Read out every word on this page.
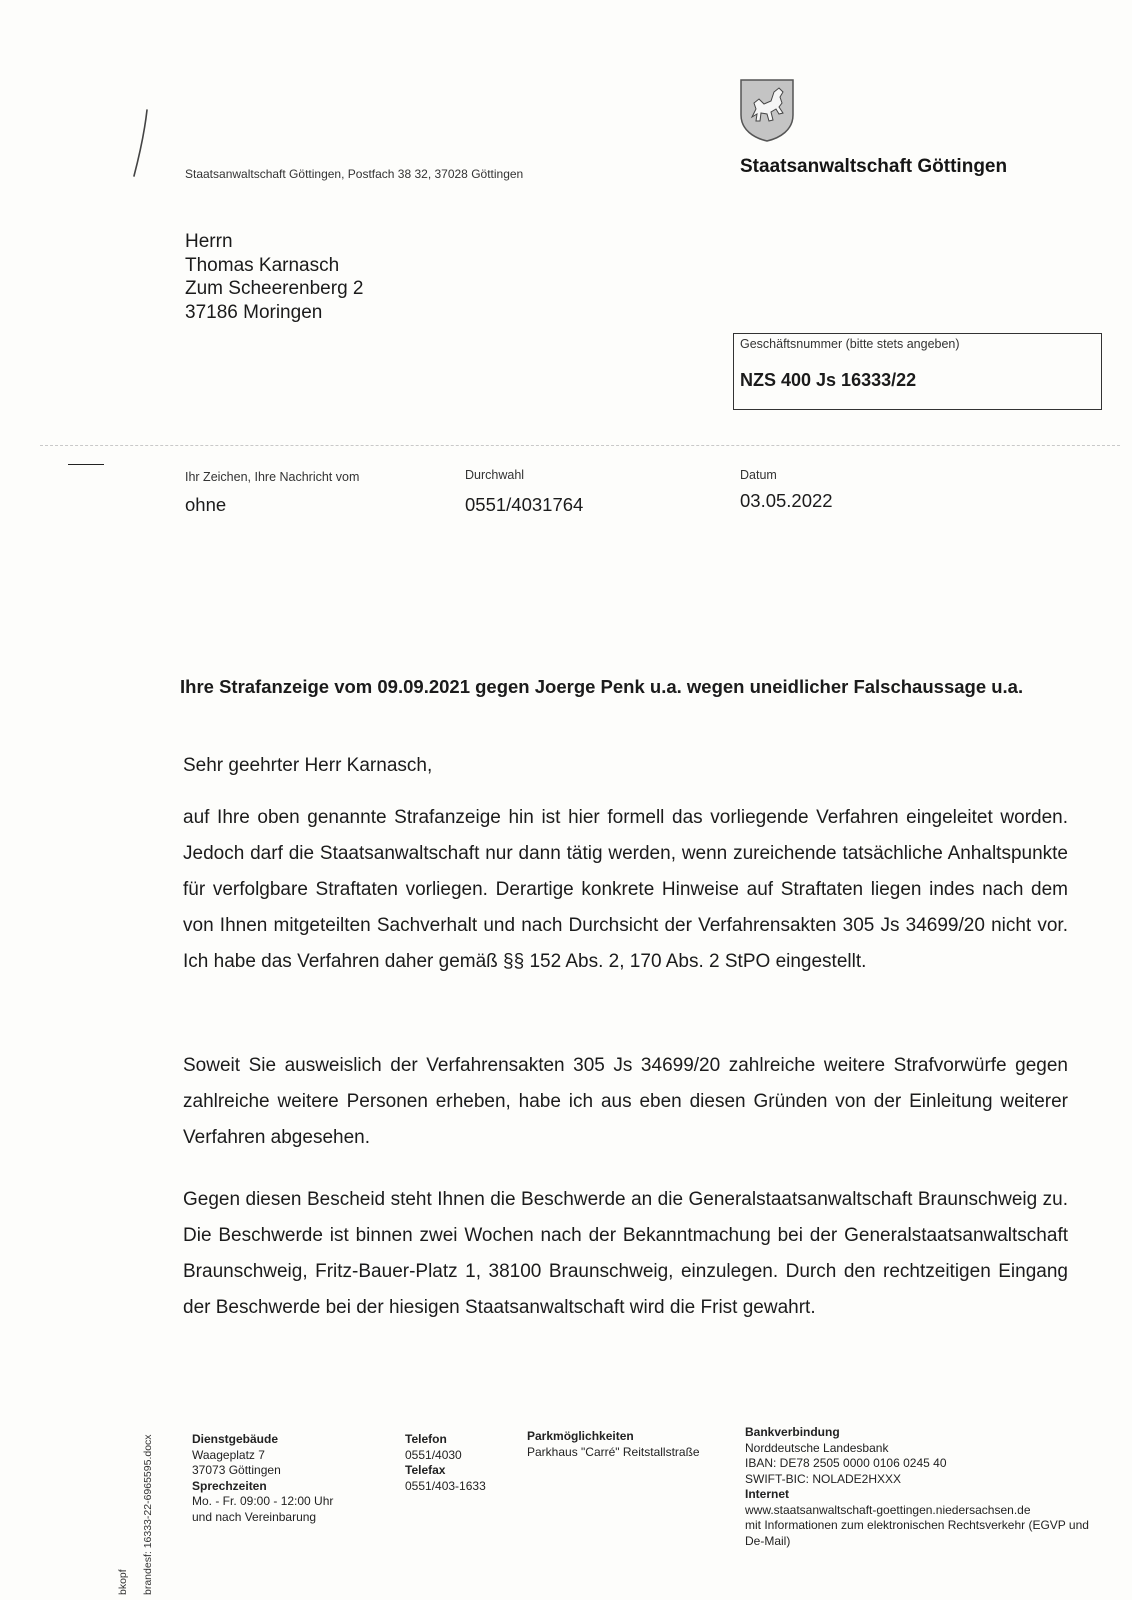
Staatsanwaltschaft Göttingen, Postfach 38 32, 37028 Göttingen	Staatsanwaltschaft Göttingen
Herrn
Thomas Karnasch
Zum Scheerenberg 2
37186 Moringen
Geschäftsnummer (bitte stets angeben)
NZS 400 Js 16333/22
Ihr Zeichen, Ihre Nachricht vom
ohne
Durchwahl
0551/4031764
Datum
03.05.2022
Ihre Strafanzeige vom 09.09.2021 gegen Joerge Penk u.a. wegen uneidlicher Falschaussage u.a.
Sehr geehrter Herr Karnasch,
auf Ihre oben genannte Strafanzeige hin ist hier formell das vorliegende Verfahren eingeleitet worden. Jedoch darf die Staatsanwaltschaft nur dann tätig werden, wenn zureichende tatsächliche Anhaltspunkte für verfolgbare Straftaten vorliegen. Derartige konkrete Hinweise auf Straftaten liegen indes nach dem von Ihnen mitgeteilten Sachverhalt und nach Durchsicht der Verfahrensakten 305 Js 34699/20 nicht vor. Ich habe das Verfahren daher gemäß §§ 152 Abs. 2, 170 Abs. 2 StPO eingestellt.
Soweit Sie ausweislich der Verfahrensakten 305 Js 34699/20 zahlreiche weitere Strafvorwürfe gegen zahlreiche weitere Personen erheben, habe ich aus eben diesen Gründen von der Einleitung weiterer Verfahren abgesehen.
Gegen diesen Bescheid steht Ihnen die Beschwerde an die Generalstaatsanwaltschaft Braunschweig zu. Die Beschwerde ist binnen zwei Wochen nach der Bekanntmachung bei der Generalstaatsanwaltschaft Braunschweig, Fritz-Bauer-Platz 1, 38100 Braunschweig, einzulegen. Durch den rechtzeitigen Eingang der Beschwerde bei der hiesigen Staatsanwaltschaft wird die Frist gewahrt.
Dienstgebäude
Waageplatz 7
37073 Göttingen
Sprechzeiten
Mo. - Fr. 09:00 - 12:00 Uhr
und nach Vereinbarung
Telefon
0551/4030
Telefax
0551/403-1633
Parkmöglichkeiten
Parkhaus "Carré" Reitstallstraße
Bankverbindung
Norddeutsche Landesbank
IBAN: DE78 2505 0000 0106 0245 40
SWIFT-BIC: NOLADE2HXXX
Internet
www.staatsanwaltschaft-goettingen.niedersachsen.de
mit Informationen zum elektronischen Rechtsverkehr (EGVP und
De-Mail)
brandesf: 16333-22-6965595.docx
bkopf
